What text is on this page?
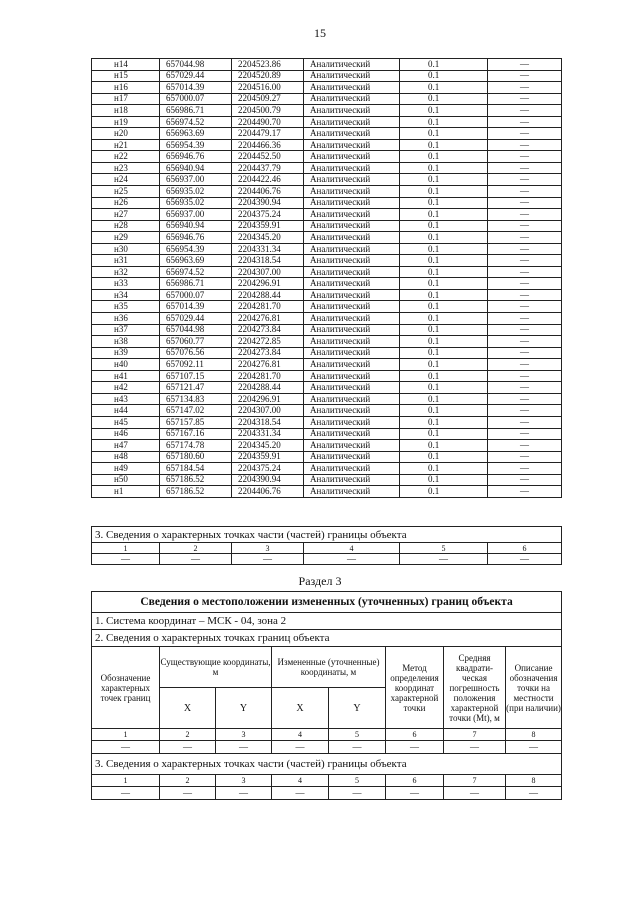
15
н14	657044.98	2204523.86	Аналитический	0.1	—
н15	657029.44	2204520.89	Аналитический	0.1	—
н16	657014.39	2204516.00	Аналитический	0.1	—
н17	657000.07	2204509.27	Аналитический	0.1	—
н18	656986.71	2204500.79	Аналитический	0.1	—
н19	656974.52	2204490.70	Аналитический	0.1	—
н20	656963.69	2204479.17	Аналитический	0.1	—
н21	656954.39	2204466.36	Аналитический	0.1	—
н22	656946.76	2204452.50	Аналитический	0.1	—
н23	656940.94	2204437.79	Аналитический	0.1	—
н24	656937.00	2204422.46	Аналитический	0.1	—
н25	656935.02	2204406.76	Аналитический	0.1	—
н26	656935.02	2204390.94	Аналитический	0.1	—
н27	656937.00	2204375.24	Аналитический	0.1	—
н28	656940.94	2204359.91	Аналитический	0.1	—
н29	656946.76	2204345.20	Аналитический	0.1	—
н30	656954.39	2204331.34	Аналитический	0.1	—
н31	656963.69	2204318.54	Аналитический	0.1	—
н32	656974.52	2204307.00	Аналитический	0.1	—
н33	656986.71	2204296.91	Аналитический	0.1	—
н34	657000.07	2204288.44	Аналитический	0.1	—
н35	657014.39	2204281.70	Аналитический	0.1	—
н36	657029.44	2204276.81	Аналитический	0.1	—
н37	657044.98	2204273.84	Аналитический	0.1	—
н38	657060.77	2204272.85	Аналитический	0.1	—
н39	657076.56	2204273.84	Аналитический	0.1	—
н40	657092.11	2204276.81	Аналитический	0.1	—
н41	657107.15	2204281.70	Аналитический	0.1	—
н42	657121.47	2204288.44	Аналитический	0.1	—
н43	657134.83	2204296.91	Аналитический	0.1	—
н44	657147.02	2204307.00	Аналитический	0.1	—
н45	657157.85	2204318.54	Аналитический	0.1	—
н46	657167.16	2204331.34	Аналитический	0.1	—
н47	657174.78	2204345.20	Аналитический	0.1	—
н48	657180.60	2204359.91	Аналитический	0.1	—
н49	657184.54	2204375.24	Аналитический	0.1	—
н50	657186.52	2204390.94	Аналитический	0.1	—
н1	657186.52	2204406.76	Аналитический	0.1	—
3. Сведения о характерных точках части (частей) границы объекта					
1	2	3	4	5	6
—	—	—	—	—	—
Раздел 3
Сведения о местоположении измененных (уточненных) границ объекта							
1. Система координат – МСК - 04, зона 2							
2. Сведения о характерных точках границ объекта							
Обозначение характерных точек границ	Существующие координаты, м		Измененные (уточненные) координаты, м		Метод определения координат характерной точки	Средняя квадрати-ческая погрешность положения характерной точки (Mt), м	Описание обозначения точки на местности (при наличии)
	X	Y	X	Y			
1	2	3	4	5	6	7	8
—	—	—	—	—	—	—	—
3. Сведения о характерных точках части (частей) границы объекта							
1	2	3	4	5	6	7	8
—	—	—	—	—	—	—	—
